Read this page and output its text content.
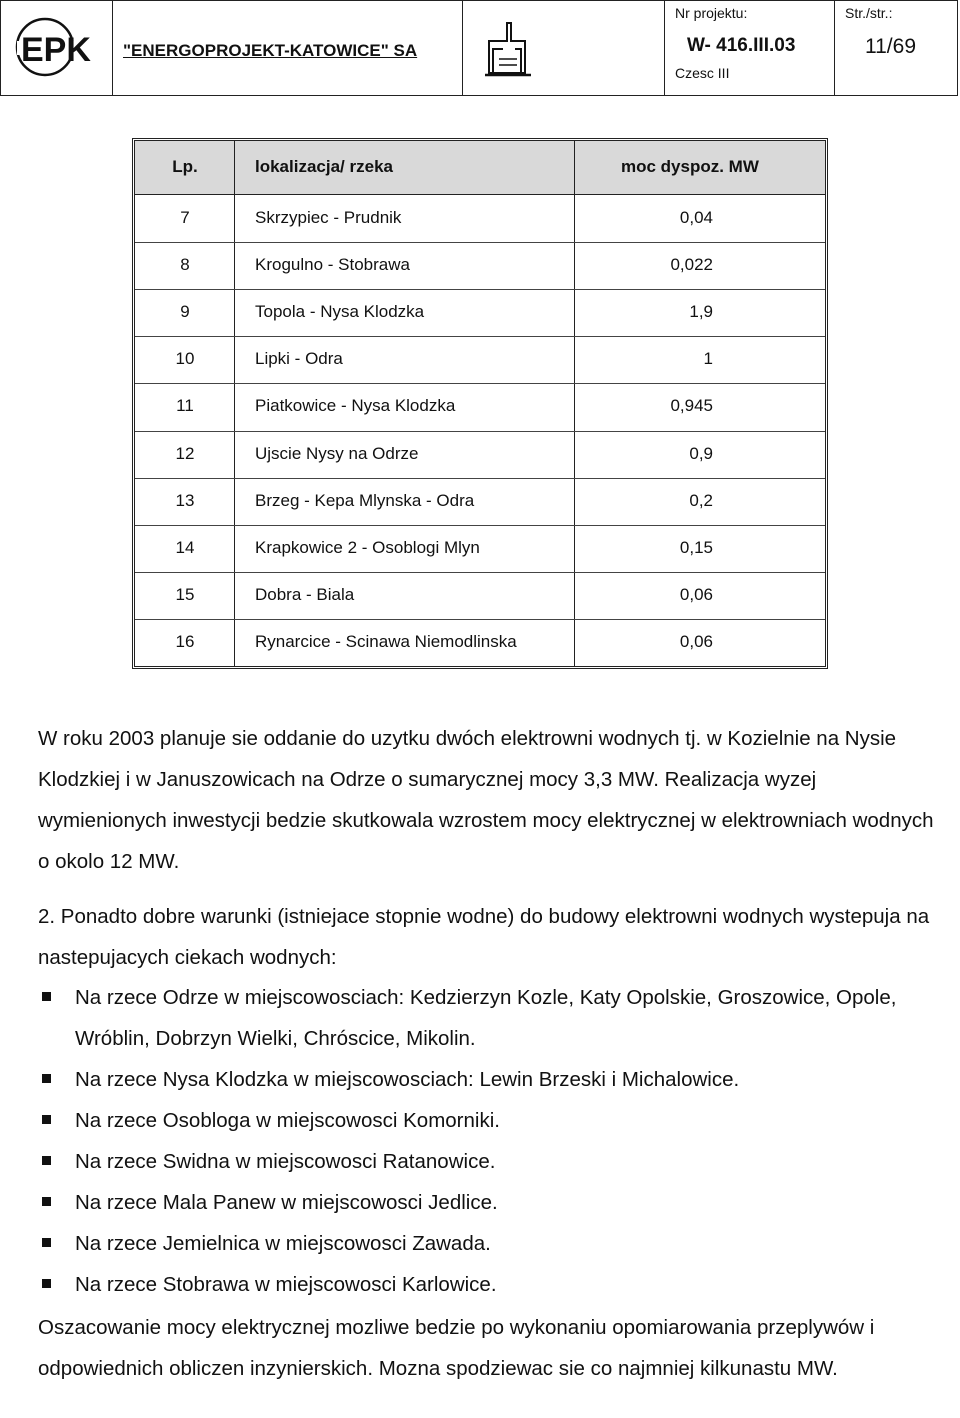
EPK "ENERGOPROJEKT-KATOWICE" SA
Nr projektu:
W- 416.III.03
Czesc III
Str./str.:
11/69
Lp.	lokalizacja/ rzeka	moc dyspoz. MW
7	Skrzypiec - Prudnik	0,04
8	Krogulno - Stobrawa	0,022
9	Topola - Nysa Klodzka	1,9
10	Lipki - Odra	1
11	Piatkowice - Nysa Klodzka	0,945
12	Ujscie Nysy na Odrze	0,9
13	Brzeg - Kepa Mlynska - Odra	0,2
14	Krapkowice 2 - Osoblogi Mlyn	0,15
15	Dobra - Biala	0,06
16	Rynarcice - Scinawa Niemodlinska	0,06
W roku 2003 planuje sie oddanie do uzytku dwóch elektrowni wodnych tj. w Kozielnie na Nysie Klodzkiej i w Januszowicach na Odrze o sumarycznej mocy 3,3 MW. Realizacja wyzej wymienionych inwestycji bedzie skutkowala wzrostem mocy elektrycznej w elektrowniach wodnych o okolo 12 MW.
2. Ponadto dobre warunki (istniejace stopnie wodne) do budowy elektrowni wodnych wystepuja na nastepujacych ciekach wodnych:
Na rzece Odrze w miejscowosciach: Kedzierzyn Kozle, Katy Opolskie, Groszowice, Opole, Wróblin, Dobrzyn Wielki, Chróscice, Mikolin.
Na rzece Nysa Klodzka w miejscowosciach: Lewin Brzeski i Michalowice.
Na rzece Osobloga w miejscowosci Komorniki.
Na rzece Swidna w miejscowosci Ratanowice.
Na rzece Mala Panew w miejscowosci Jedlice.
Na rzece Jemielnica w miejscowosci Zawada.
Na rzece Stobrawa w miejscowosci Karlowice.
Oszacowanie mocy elektrycznej mozliwe bedzie po wykonaniu opomiarowania przeplywów i odpowiednich obliczen inzynierskich. Mozna spodziewac sie co najmniej kilkunastu MW.
